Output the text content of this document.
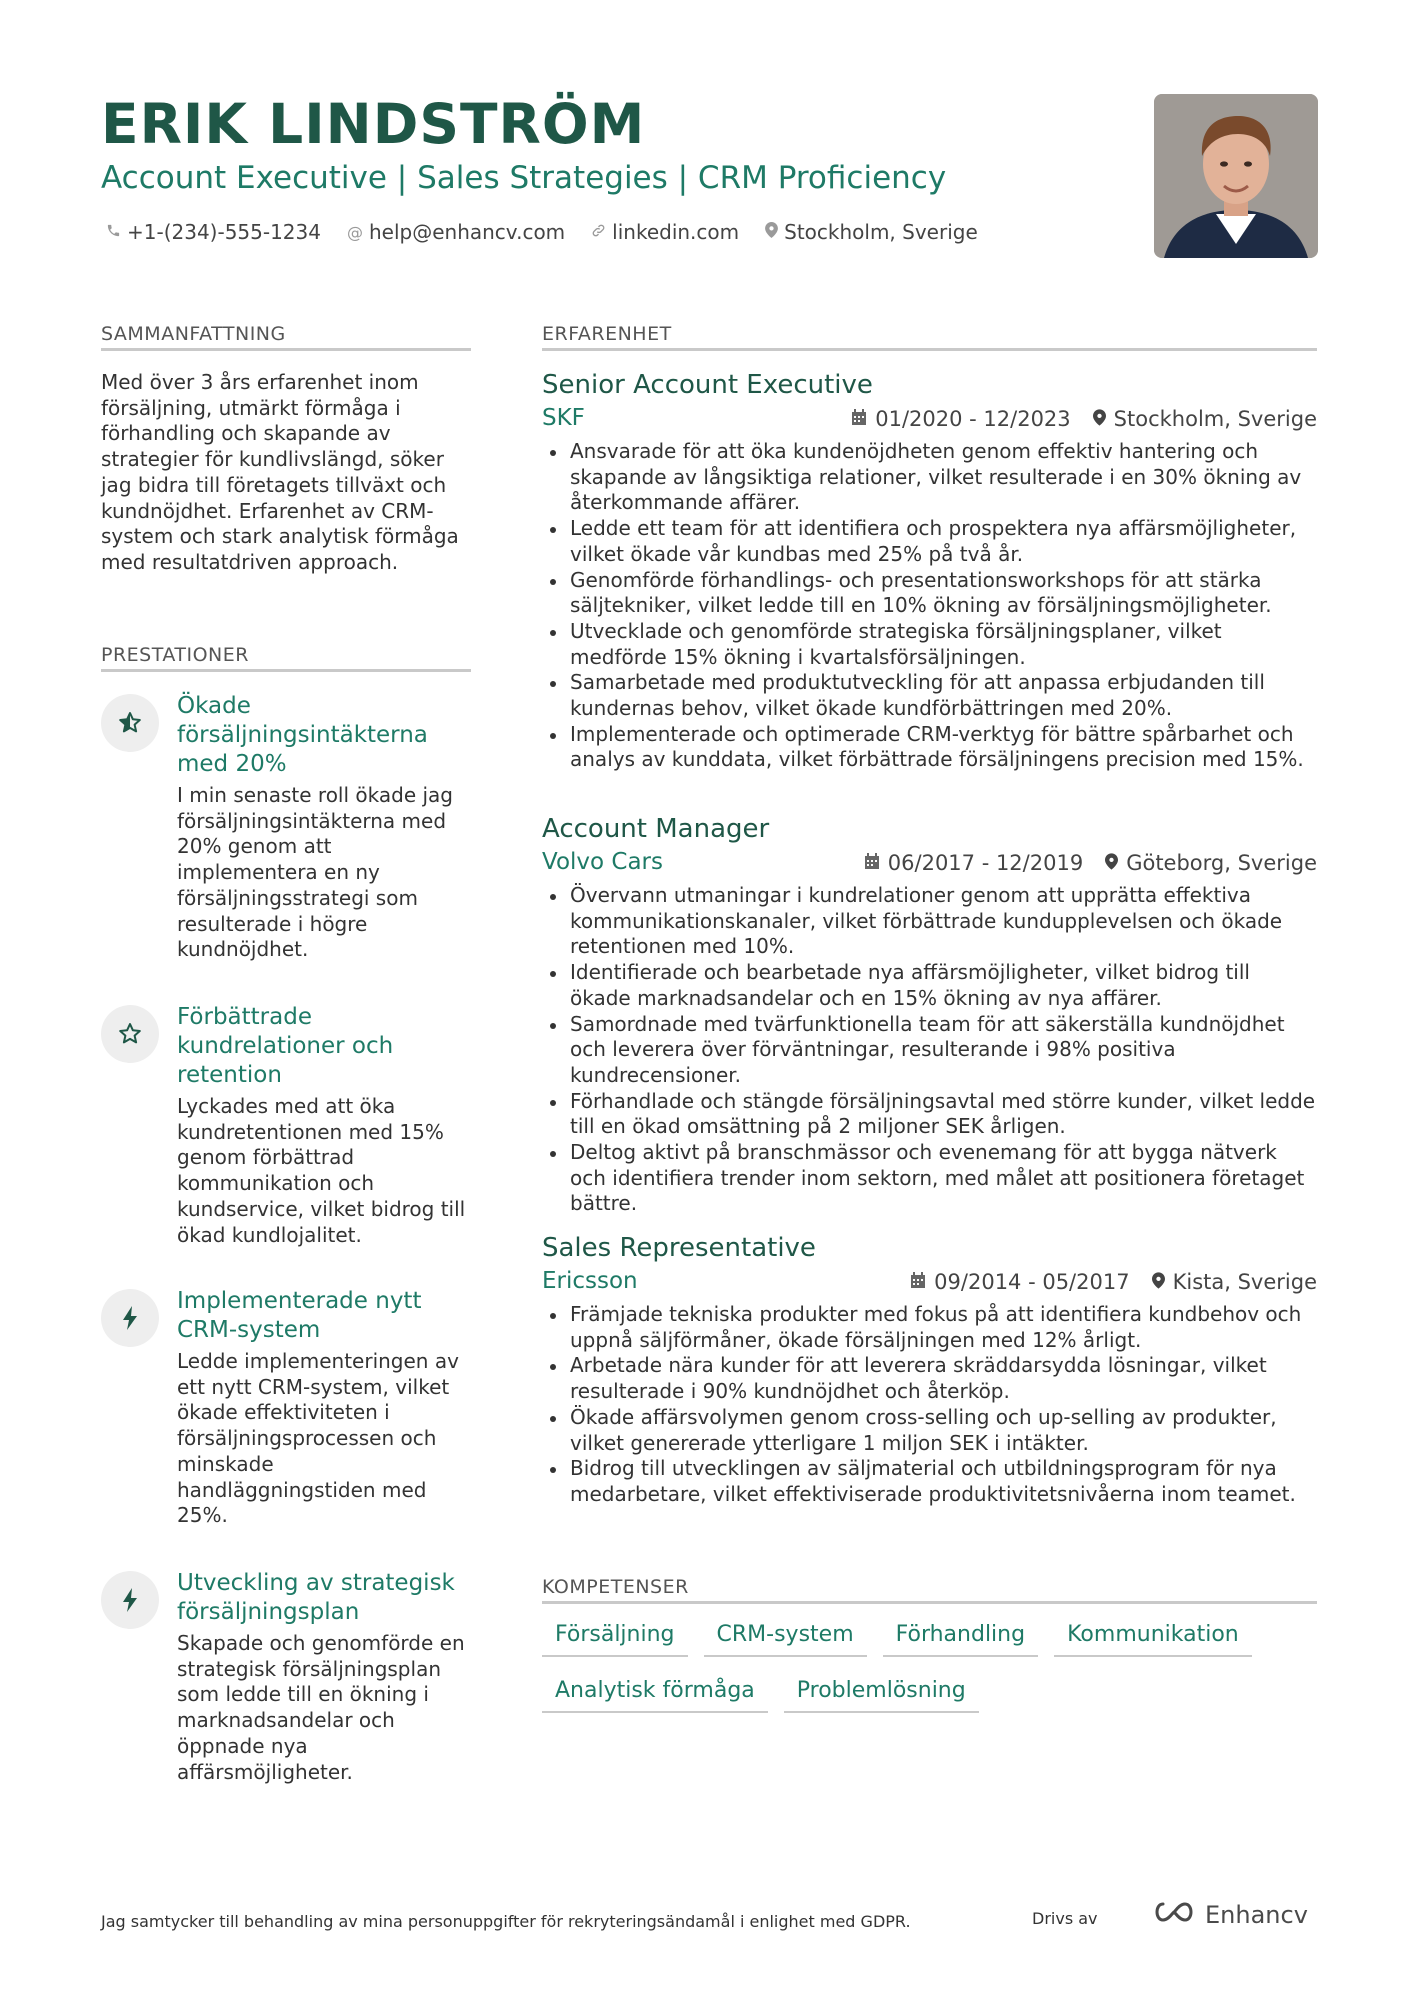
ERIK LINDSTRÖM
Account Executive | Sales Strategies | CRM Proficiency
+1-(234)-555-1234 @ help@enhancv.com linkedin.com Stockholm, Sverige
SAMMANFATTNING
Med över 3 års erfarenhet inom försäljning, utmärkt förmåga i förhandling och skapande av strategier för kundlivslängd, söker jag bidra till företagets tillväxt och kundnöjdhet. Erfarenhet av CRM-system och stark analytisk förmåga med resultatdriven approach.
PRESTATIONER
Ökade försäljningsintäkterna med 20%
I min senaste roll ökade jag försäljningsintäkterna med 20% genom att implementera en ny försäljningsstrategi som resulterade i högre kundnöjdhet.
Förbättrade kundrelationer och retention
Lyckades med att öka kundretentionen med 15% genom förbättrad kommunikation och kundservice, vilket bidrog till ökad kundlojalitet.
Implementerade nytt CRM-system
Ledde implementeringen av ett nytt CRM-system, vilket ökade effektiviteten i försäljningsprocessen och minskade handläggningstiden med 25%.
Utveckling av strategisk försäljningsplan
Skapade och genomförde en strategisk försäljningsplan som ledde till en ökning i marknadsandelar och öppnade nya affärsmöjligheter.
ERFARENHET
Senior Account Executive
SKF	01/2020 - 12/2023 Stockholm, Sverige
Ansvarade för att öka kundenöjdheten genom effektiv hantering och skapande av långsiktiga relationer, vilket resulterade i en 30% ökning av återkommande affärer.
Ledde ett team för att identifiera och prospektera nya affärsmöjligheter, vilket ökade vår kundbas med 25% på två år.
Genomförde förhandlings- och presentationsworkshops för att stärka säljtekniker, vilket ledde till en 10% ökning av försäljningsmöjligheter.
Utvecklade och genomförde strategiska försäljningsplaner, vilket medförde 15% ökning i kvartalsförsäljningen.
Samarbetade med produktutveckling för att anpassa erbjudanden till kundernas behov, vilket ökade kundförbättringen med 20%.
Implementerade och optimerade CRM-verktyg för bättre spårbarhet och analys av kunddata, vilket förbättrade försäljningens precision med 15%.
Account Manager
Volvo Cars	06/2017 - 12/2019 Göteborg, Sverige
Övervann utmaningar i kundrelationer genom att upprätta effektiva kommunikationskanaler, vilket förbättrade kundupplevelsen och ökade retentionen med 10%.
Identifierade och bearbetade nya affärsmöjligheter, vilket bidrog till ökade marknadsandelar och en 15% ökning av nya affärer.
Samordnade med tvärfunktionella team för att säkerställa kundnöjdhet och leverera över förväntningar, resulterande i 98% positiva kundrecensioner.
Förhandlade och stängde försäljningsavtal med större kunder, vilket ledde till en ökad omsättning på 2 miljoner SEK årligen.
Deltog aktivt på branschmässor och evenemang för att bygga nätverk och identifiera trender inom sektorn, med målet att positionera företaget bättre.
Sales Representative
Ericsson	09/2014 - 05/2017 Kista, Sverige
Främjade tekniska produkter med fokus på att identifiera kundbehov och uppnå säljförmåner, ökade försäljningen med 12% årligt.
Arbetade nära kunder för att leverera skräddarsydda lösningar, vilket resulterade i 90% kundnöjdhet och återköp.
Ökade affärsvolymen genom cross-selling och up-selling av produkter, vilket genererade ytterligare 1 miljon SEK i intäkter.
Bidrog till utvecklingen av säljmaterial och utbildningsprogram för nya medarbetare, vilket effektiviserade produktivitetsnivåerna inom teamet.
KOMPETENSER
Försäljning	CRM-system	Förhandling	Kommunikation
Analytisk förmåga	Problemlösning
Jag samtycker till behandling av mina personuppgifter för rekryteringsändamål i enlighet med GDPR.	Drivs av	Enhancv
